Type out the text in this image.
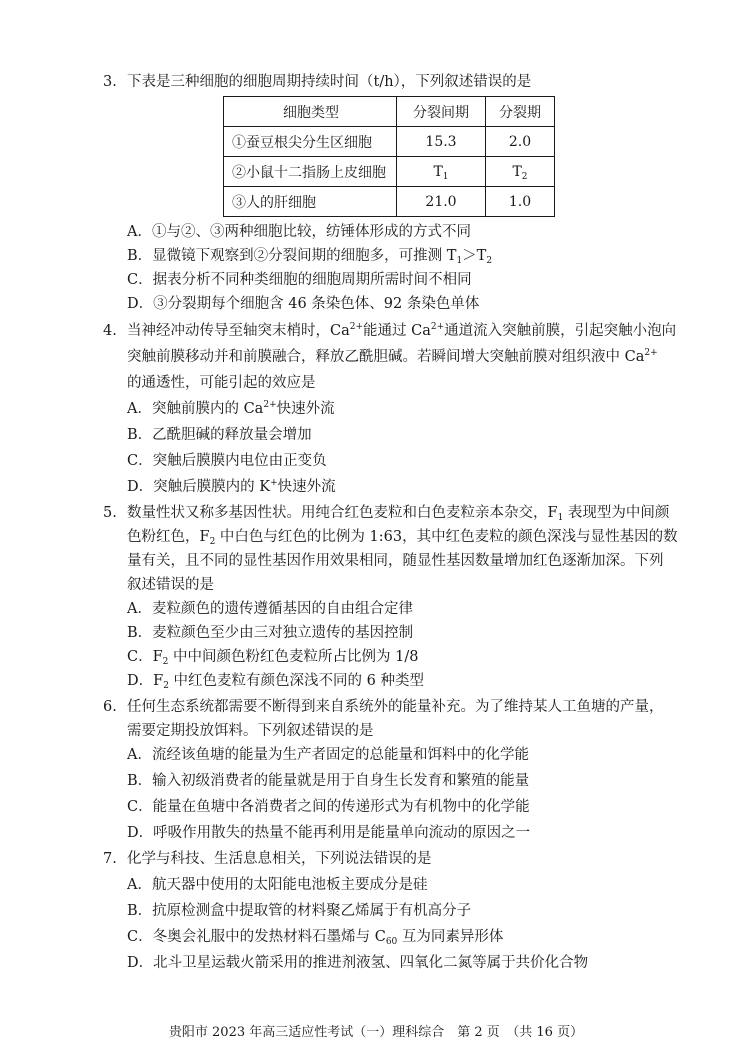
3. 下表是三种细胞的细胞周期持续时间（t/h），下列叙述错误的是
细胞类型	分裂间期	分裂期
①蚕豆根尖分生区细胞	15.3	2.0
②小鼠十二指肠上皮细胞	$T_1$	$T_2$
③人的肝细胞	21.0	1.0
A．①与②、③两种细胞比较，纺锤体形成的方式不同
B．显微镜下观察到②分裂间期的细胞多，可推测 $T_1>T_2$
C．据表分析不同种类细胞的细胞周期所需时间不相同
D．③分裂期每个细胞含 46 条染色体、92 条染色单体
4. 当神经冲动传导至轴突末梢时，$Ca^{2+}$能通过 $Ca^{2+}$通道流入突触前膜，引起突触小泡向
突触前膜移动并和前膜融合，释放乙酰胆碱。若瞬间增大突触前膜对组织液中 $Ca^{2+}$
的通透性，可能引起的效应是
A．突触前膜内的 $Ca^{2+}$快速外流
B．乙酰胆碱的释放量会增加
C．突触后膜膜内电位由正变负
D．突触后膜膜内的 K+快速外流
5. 数量性状又称多基因性状。用纯合红色麦粒和白色麦粒亲本杂交，$F_1$ 表现型为中间颜
色粉红色，$F_2$ 中白色与红色的比例为 1:63，其中红色麦粒的颜色深浅与显性基因的数
量有关，且不同的显性基因作用效果相同，随显性基因数量增加红色逐渐加深。下列
叙述错误的是
A．麦粒颜色的遗传遵循基因的自由组合定律
B．麦粒颜色至少由三对独立遗传的基因控制
C．$F_2$ 中中间颜色粉红色麦粒所占比例为 1/8
D．$F_2$ 中红色麦粒有颜色深浅不同的 6 种类型
6. 任何生态系统都需要不断得到来自系统外的能量补充。为了维持某人工鱼塘的产量，
需要定期投放饵料。下列叙述错误的是
A．流经该鱼塘的能量为生产者固定的总能量和饵料中的化学能
B．输入初级消费者的能量就是用于自身生长发育和繁殖的能量
C．能量在鱼塘中各消费者之间的传递形式为有机物中的化学能
D．呼吸作用散失的热量不能再利用是能量单向流动的原因之一
7. 化学与科技、生活息息相关，下列说法错误的是
A．航天器中使用的太阳能电池板主要成分是硅
B．抗原检测盒中提取管的材料聚乙烯属于有机高分子
C．冬奥会礼服中的发热材料石墨烯与 $C_{60}$ 互为同素异形体
D．北斗卫星运载火箭采用的推进剂液氢、四氧化二氮等属于共价化合物
贵阳市 2023 年高三适应性考试（一）理科综合　第 2 页　（共 16 页）
